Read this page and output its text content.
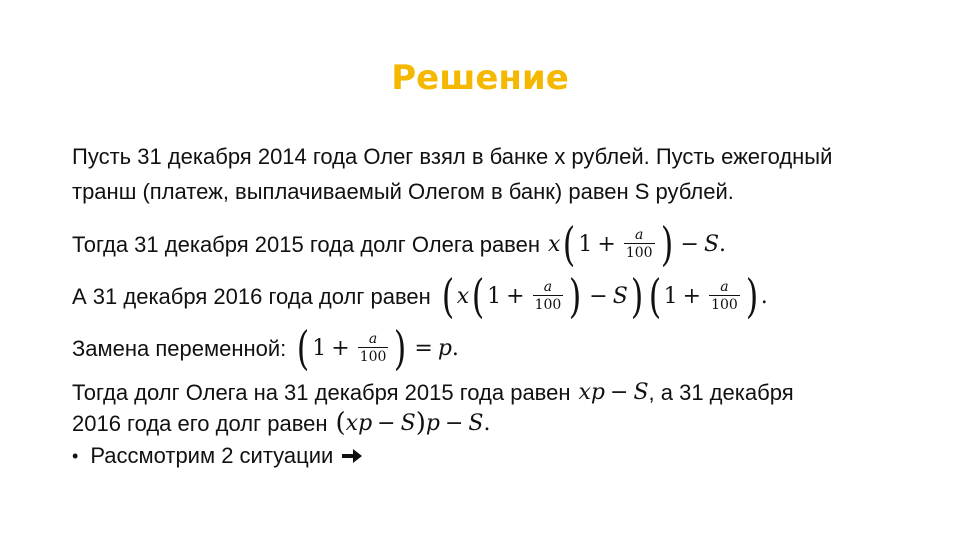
Решение
Пусть 31 декабря 2014 года Олег взял в банке x рублей. Пусть ежегодный
транш (платеж, выплачиваемый Олегом в банк) равен S рублей.
Тогда 31 декабря 2015 года долг Олега равен x ( $1 + \frac{a}{100}$ ) − S .
А 31 декабря 2016 года долг равен ( x ( $1 + \frac{a}{100}$ ) − S ) ( $1 + \frac{a}{100}$ ) .
Замена переменной: ( $1 + \frac{a}{100}$ ) = p .
Тогда долг Олега на 31 декабря 2015 года равен xp − S , а 31 декабря
2016 года его долг равен ( xp − S ) p − S .
• Рассмотрим 2 ситуации
